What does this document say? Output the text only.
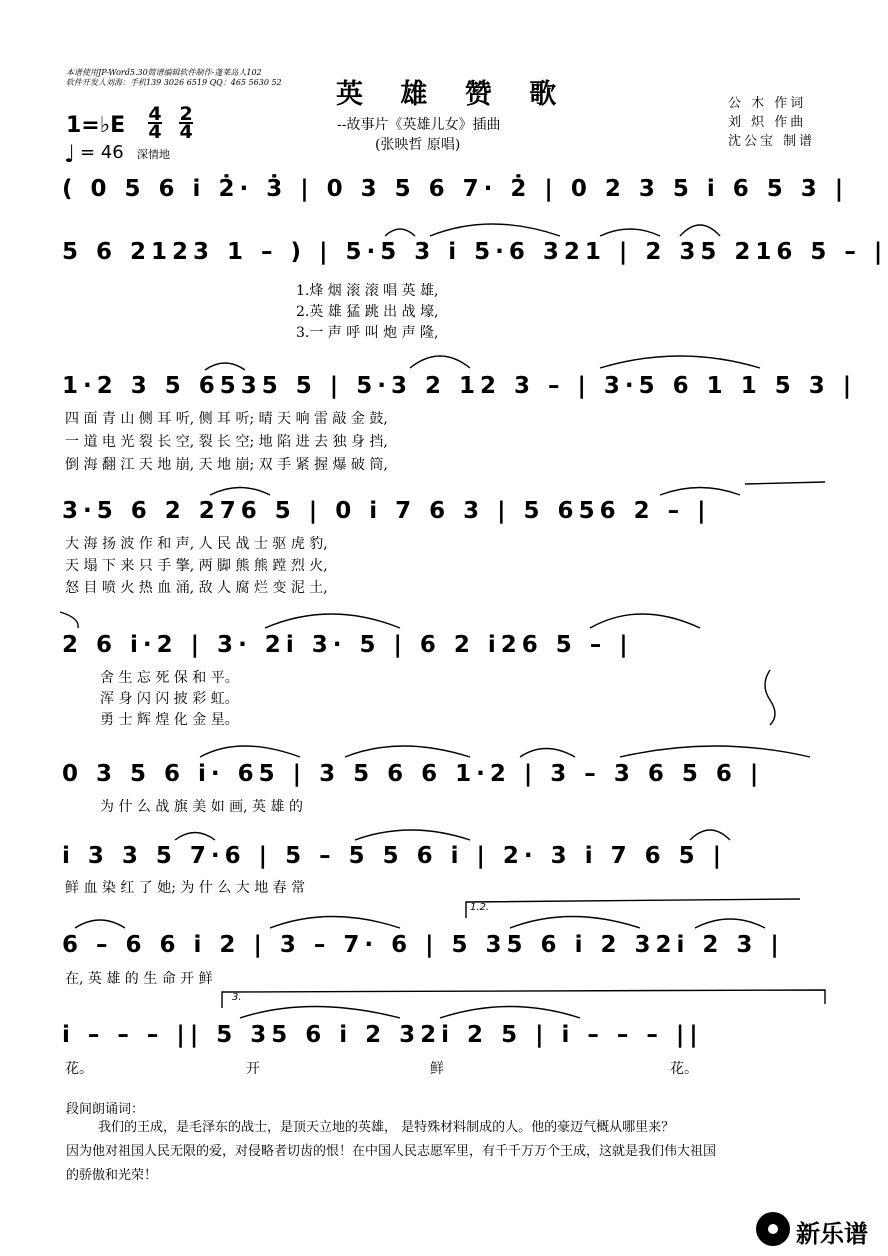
本谱使用JP-Word5.30简谱编辑软件制作-蓬莱岛人102
软件开发人刘海：手机139 3026 6519 QQ：465 5630 52 英 雄 赞 歌
--故事片《英雄儿女》插曲
(张映哲 原唱)
公 木 作词
刘 炽 作曲
沈公宝 制谱
1=♭E $\frac{4}{4}$
$\frac{2}{4}$
♩ = 46 深情地
( 0 5 6 i 2̇· 3̇ | 0 3 5 6 7· 2̇ | 0 2 3 5 i 6 5 3 |
5 6 2123 1 – ) | 5·5 3 i 5·6 321 | 2 35 216 5 – |
1.烽 烟 滚 滚 唱 英 雄,
2.英 雄 猛 跳 出 战 壕,
3.一 声 呼 叫 炮 声 隆,
1·2 3 5 6535 5 | 5·3 2 12 3 – | 3·5 6 1 1 5 3 |
四 面 青 山 侧 耳 听, 侧 耳 听; 晴 天 响 雷 敲 金 鼓,
一 道 电 光 裂 长 空, 裂 长 空; 地 陷 进 去 独 身 挡,
倒 海 翻 江 天 地 崩, 天 地 崩; 双 手 紧 握 爆 破 筒,
3·5 6 2 276 5 | 0 i 7 6 3 | 5 656 2 – |
大 海 扬 波 作 和 声, 人 民 战 士 驱 虎 豹,
天 塌 下 来 只 手 擎, 两 脚 熊 熊 蹚 烈 火,
怒 目 喷 火 热 血 涌, 敌 人 腐 烂 变 泥 土,
2 6 i·2 | 3· 2i 3· 5 | 6 2 i26 5 – |
舍 生 忘 死 保 和 平。
浑 身 闪 闪 披 彩 虹。
勇 士 辉 煌 化 金 星。
0 3 5 6 i· 65 | 3 5 6 6 1·2 | 3 – 3 6 5 6 |
为 什 么 战 旗 美 如 画, 英 雄 的
i 3 3 5 7·6 | 5 – 5 5 6 i | 2· 3 i 7 6 5 |
鲜 血 染 红 了 她; 为 什 么 大 地 春 常
1.2.
6 – 6 6 i 2 | 3 – 7· 6 | 5 35 6 i 2 32i 2 3 |
在, 英 雄 的 生 命 开 鲜
3.
i – – – || 5 35 6 i 2 32i 2 5 | i – – – ||
花。	开	鲜	花。
段间朗诵词：
我们的王成，是毛泽东的战士，是顶天立地的英雄， 是特殊材料制成的人。他的豪迈气概从哪里来？
因为他对祖国人民无限的爱，对侵略者切齿的恨！在中国人民志愿军里，有千千万万个王成，这就是我们伟大祖国
的骄傲和光荣！
新乐谱
